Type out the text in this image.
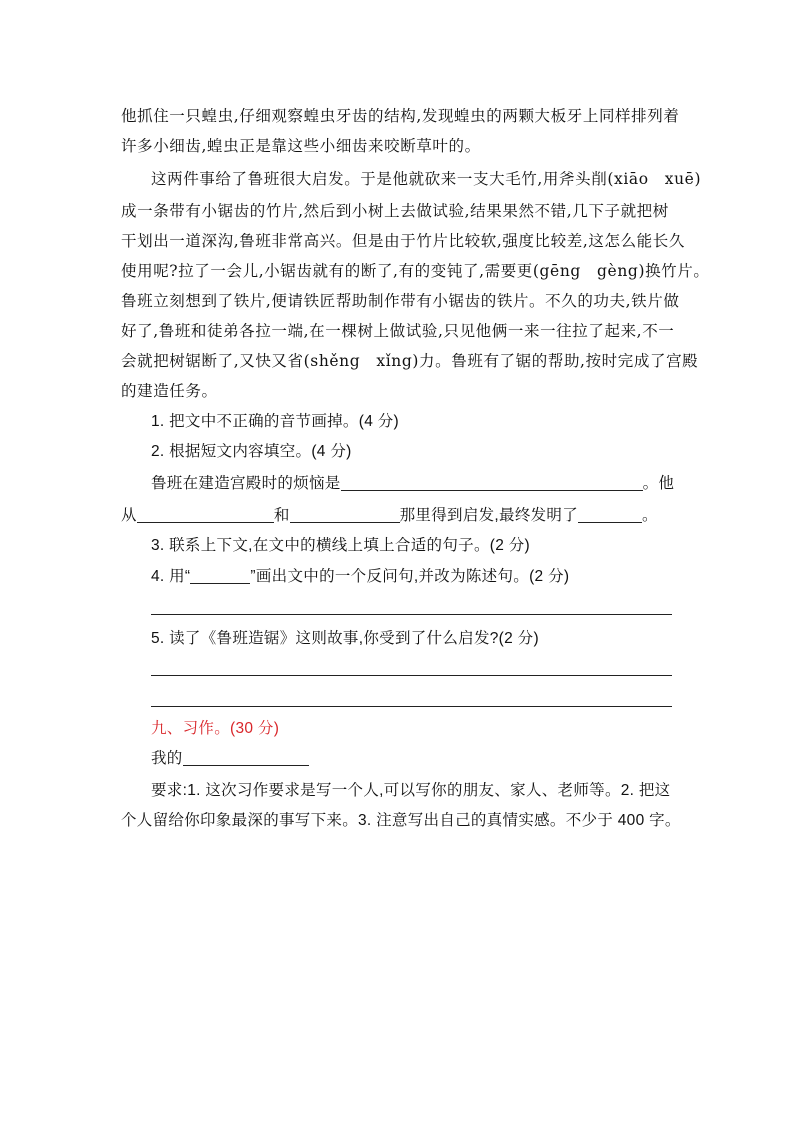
他抓住一只蝗虫,仔细观察蝗虫牙齿的结构,发现蝗虫的两颗大板牙上同样排列着
许多小细齿,蝗虫正是靠这些小细齿来咬断草叶的。
这两件事给了鲁班很大启发。于是他就砍来一支大毛竹,用斧头削(xiāo　xuē)
成一条带有小锯齿的竹片,然后到小树上去做试验,结果果然不错,几下子就把树
干划出一道深沟,鲁班非常高兴。但是由于竹片比较软,强度比较差,这怎么能长久
使用呢?拉了一会儿,小锯齿就有的断了,有的变钝了,需要更(gēng　gèng)换竹片。
鲁班立刻想到了铁片,便请铁匠帮助制作带有小锯齿的铁片。不久的功夫,铁片做
好了,鲁班和徒弟各拉一端,在一棵树上做试验,只见他俩一来一往拉了起来,不一
会就把树锯断了,又快又省(shěng　xǐng)力。鲁班有了锯的帮助,按时完成了宫殿
的建造任务。
1. 把文中不正确的音节画掉。(4 分)
2. 根据短文内容填空。(4 分)
鲁班在建造宫殿时的烦恼是	。他
从	和	那里得到启发,最终发明了	。
3. 联系上下文,在文中的横线上填上合适的句子。(2 分)
4. 用“	”画出文中的一个反问句,并改为陈述句。(2 分)
5. 读了《鲁班造锯》这则故事,你受到了什么启发?(2 分)
九、习作。(30 分)
我的
要求:1. 这次习作要求是写一个人,可以写你的朋友、家人、老师等。2. 把这
个人留给你印象最深的事写下来。3. 注意写出自己的真情实感。不少于 400 字。
